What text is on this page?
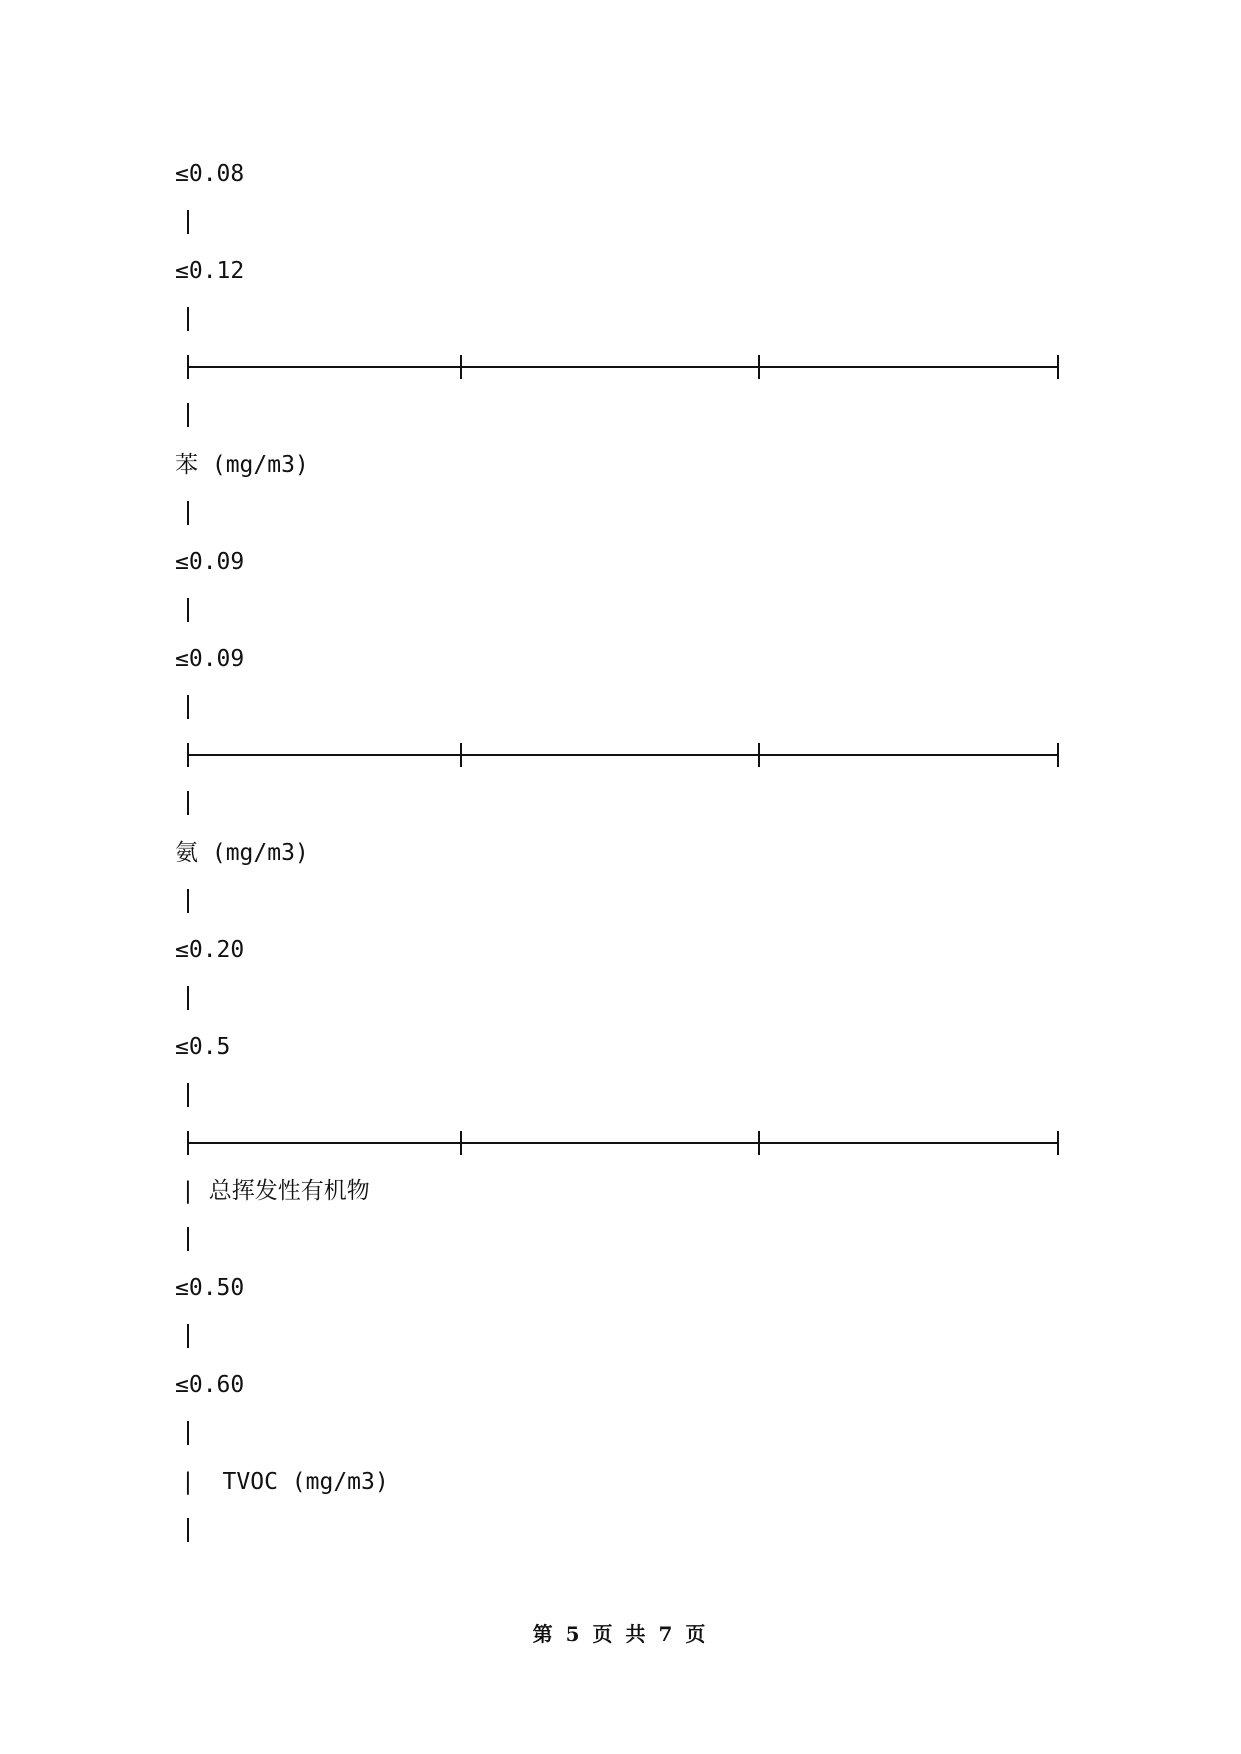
≤0.08
≤0.12
苯 (mg/m3)
≤0.09
≤0.09
氨 (mg/m3)
≤0.20
≤0.5
| 总挥发性有机物
≤0.50
≤0.60
|  TVOC (mg/m3)
第 5 页 共 7 页
